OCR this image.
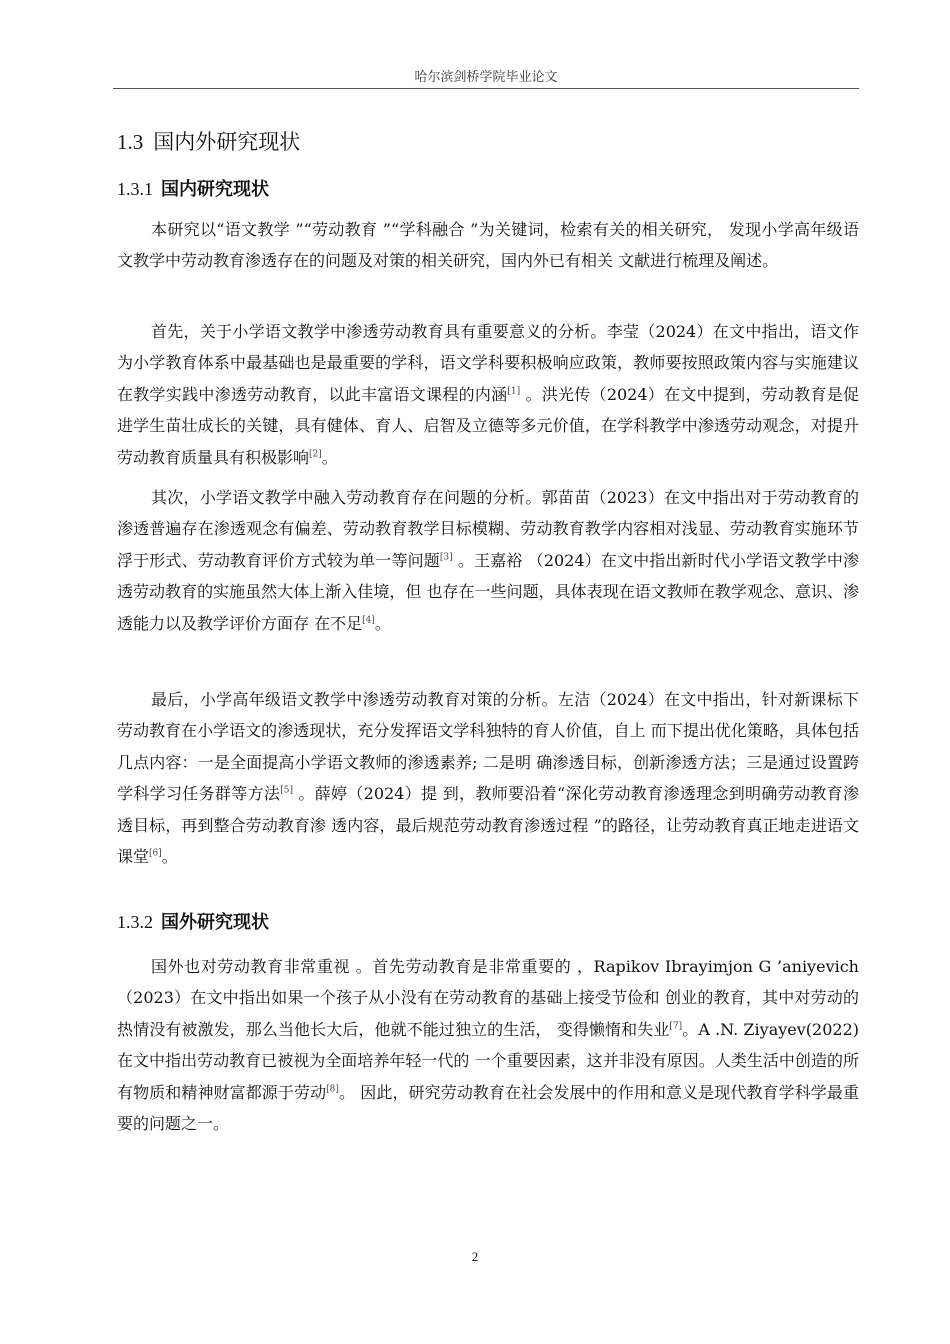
哈尔滨剑桥学院毕业论文
1.3 国内外研究现状
1.3.1 国内研究现状

本研究以“语文教学 ”“劳动教育 ”“学科融合 ”为关键词，检索有关的相关研究， 发现小学高年级语文教学中劳动教育渗透存在的问题及对策的相关研究，国内外已有相关 文献进行梳理及阐述。

首先，关于小学语文教学中渗透劳动教育具有重要意义的分析。李莹（2024）在文中指出，语文作为小学教育体系中最基础也是最重要的学科，语文学科要积极响应政策，教师要按照政策内容与实施建议在教学实践中渗透劳动教育，以此丰富语文课程的内涵[1] 。洪光传（2024）在文中提到，劳动教育是促进学生苗壮成长的关键，具有健体、育人、启智及立德等多元价值，在学科教学中渗透劳动观念，对提升劳动教育质量具有积极影响[2]。

其次，小学语文教学中融入劳动教育存在问题的分析。郭苗苗（2023）在文中指出对于劳动教育的渗透普遍存在渗透观念有偏差、劳动教育教学目标模糊、劳动教育教学内容相对浅显、劳动教育实施环节浮于形式、劳动教育评价方式较为单一等问题[3] 。王嘉裕 （2024）在文中指出新时代小学语文教学中渗透劳动教育的实施虽然大体上渐入佳境，但 也存在一些问题，具体表现在语文教师在教学观念、意识、渗透能力以及教学评价方面存 在不足[4]。

最后，小学高年级语文教学中渗透劳动教育对策的分析。左洁（2024）在文中指出，针对新课标下劳动教育在小学语文的渗透现状，充分发挥语文学科独特的育人价值，自上 而下提出优化策略，具体包括几点内容：一是全面提高小学语文教师的渗透素养; 二是明 确渗透目标，创新渗透方法；三是通过设置跨学科学习任务群等方法[5] 。薛婷（2024）提 到，教师要沿着“深化劳动教育渗透理念到明确劳动教育渗透目标，再到整合劳动教育渗 透内容，最后规范劳动教育渗透过程 ”的路径，让劳动教育真正地走进语文课堂[6]。

1.3.2 国外研究现状

国外也对劳动教育非常重视 。首先劳动教育是非常重要的 ，Rapikov Ibrayimjon G ’aniyevich （2023）在文中指出如果一个孩子从小没有在劳动教育的基础上接受节俭和 创业的教育，其中对劳动的热情没有被激发，那么当他长大后，他就不能过独立的生活， 变得懒惰和失业[7]。A .N. Ziyayev(2022)在文中指出劳动教育已被视为全面培养年轻一代的 一个重要因素，这并非没有原因。人类生活中创造的所有物质和精神财富都源于劳动[8]。 因此，研究劳动教育在社会发展中的作用和意义是现代教育学科学最重要的问题之一。

2
